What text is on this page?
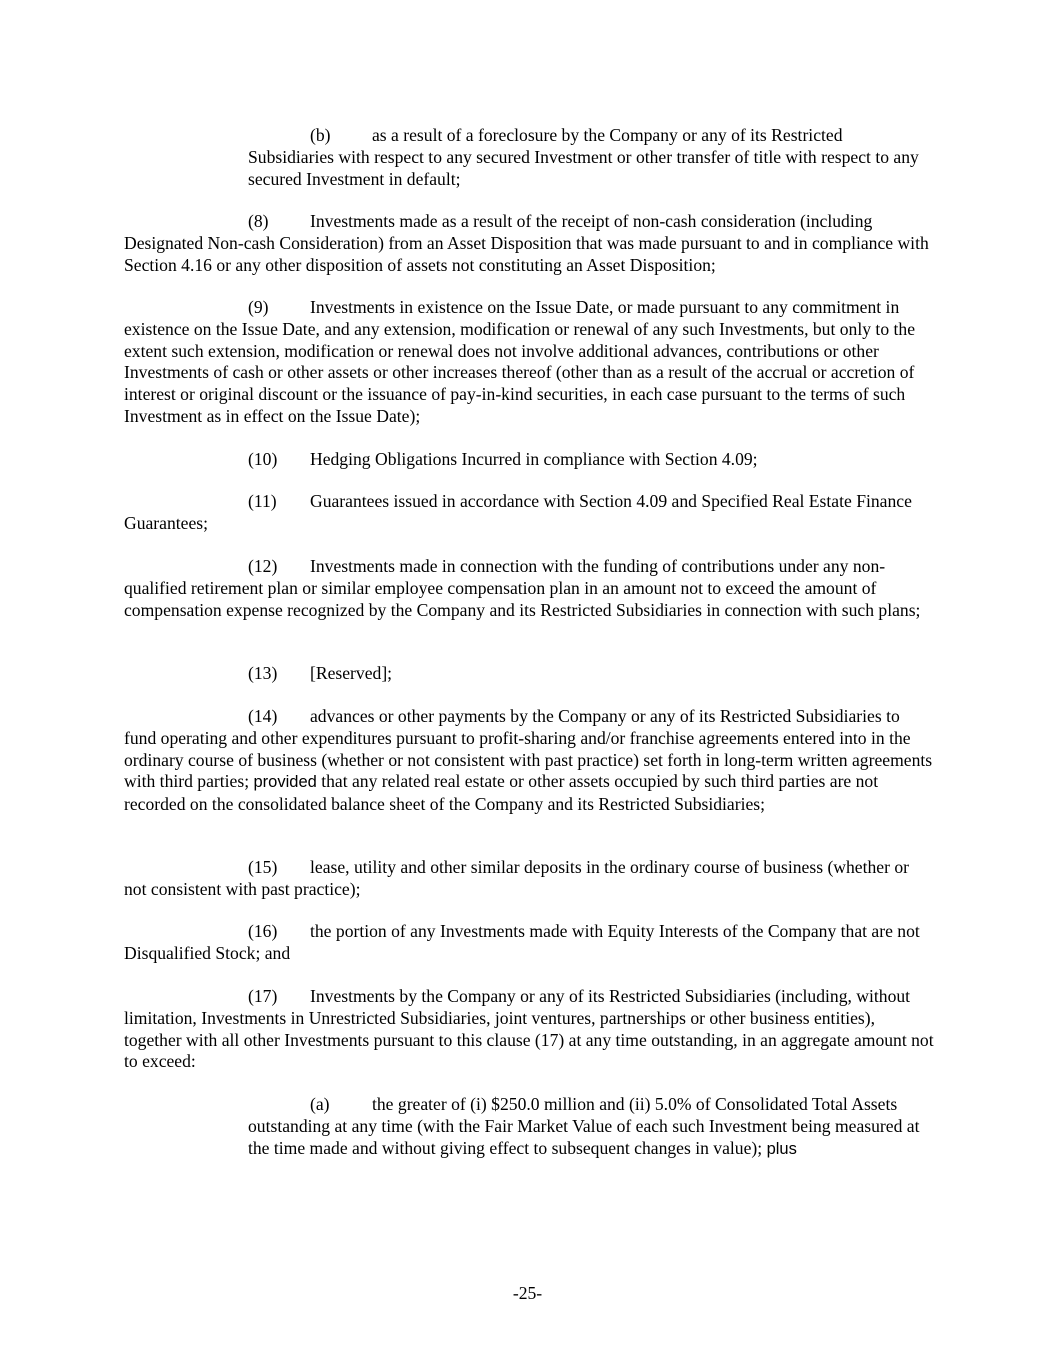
(b) as a result of a foreclosure by the Company or any of its Restricted Subsidiaries with respect to any secured Investment or other transfer of title with respect to any secured Investment in default;

(8) Investments made as a result of the receipt of non-cash consideration (including Designated Non-cash Consideration) from an Asset Disposition that was made pursuant to and in compliance with Section 4.16 or any other disposition of assets not constituting an Asset Disposition;

(9) Investments in existence on the Issue Date, or made pursuant to any commitment in existence on the Issue Date, and any extension, modification or renewal of any such Investments, but only to the extent such extension, modification or renewal does not involve additional advances, contributions or other Investments of cash or other assets or other increases thereof (other than as a result of the accrual or accretion of interest or original discount or the issuance of pay-in-kind securities, in each case pursuant to the terms of such Investment as in effect on the Issue Date);

(10) Hedging Obligations Incurred in compliance with Section 4.09;

(11) Guarantees issued in accordance with Section 4.09 and Specified Real Estate Finance Guarantees;

(12) Investments made in connection with the funding of contributions under any non-qualified retirement plan or similar employee compensation plan in an amount not to exceed the amount of compensation expense recognized by the Company and its Restricted Subsidiaries in connection with such plans;

(13) [Reserved];

(14) advances or other payments by the Company or any of its Restricted Subsidiaries to fund operating and other expenditures pursuant to profit-sharing and/or franchise agreements entered into in the ordinary course of business (whether or not consistent with past practice) set forth in long-term written agreements with third parties; provided that any related real estate or other assets occupied by such third parties are not recorded on the consolidated balance sheet of the Company and its Restricted Subsidiaries;

(15) lease, utility and other similar deposits in the ordinary course of business (whether or not consistent with past practice);

(16) the portion of any Investments made with Equity Interests of the Company that are not Disqualified Stock; and

(17) Investments by the Company or any of its Restricted Subsidiaries (including, without limitation, Investments in Unrestricted Subsidiaries, joint ventures, partnerships or other business entities), together with all other Investments pursuant to this clause (17) at any time outstanding, in an aggregate amount not to exceed:

(a) the greater of (i) $250.0 million and (ii) 5.0% of Consolidated Total Assets outstanding at any time (with the Fair Market Value of each such Investment being measured at the time made and without giving effect to subsequent changes in value); plus

-25-
